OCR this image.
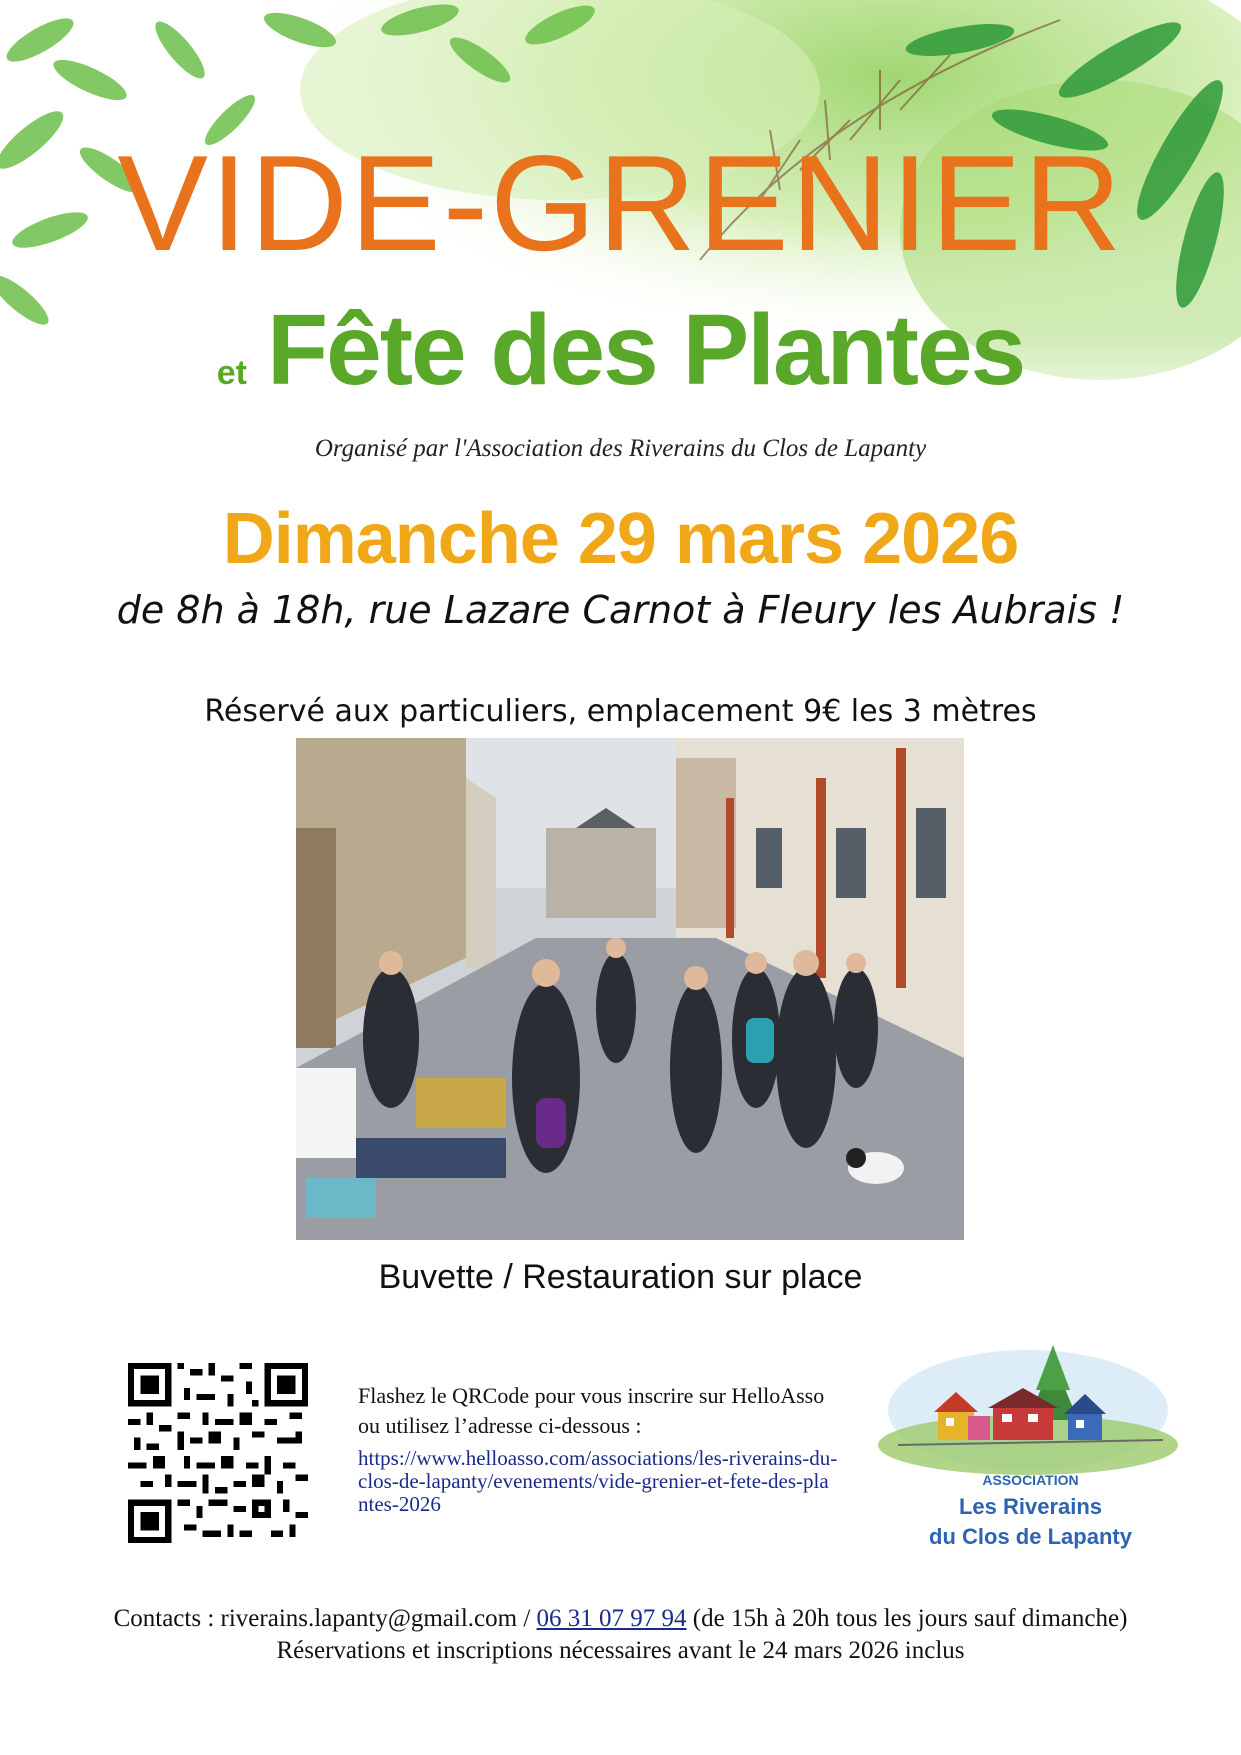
VIDE-GRENIER
et Fête des Plantes
Organisé par l'Association des Riverains du Clos de Lapanty
Dimanche 29 mars 2026
de 8h à 18h, rue Lazare Carnot à Fleury les Aubrais !
Réservé aux particuliers, emplacement 9€ les 3 mètres
Buvette / Restauration sur place
Flashez le QRCode pour vous inscrire sur HelloAsso ou utilisez l’adresse ci-dessous :
https://www.helloasso.com/associations/les-riverains-du-clos-de-lapanty/evenements/vide-grenier-et-fete-des-plantes-2026
ASSOCIATION
Les Riverains
du Clos de Lapanty
Contacts : riverains.lapanty@gmail.com / 06 31 07 97 94 (de 15h à 20h tous les jours sauf dimanche)
Réservations et inscriptions nécessaires avant le 24 mars 2026 inclus
